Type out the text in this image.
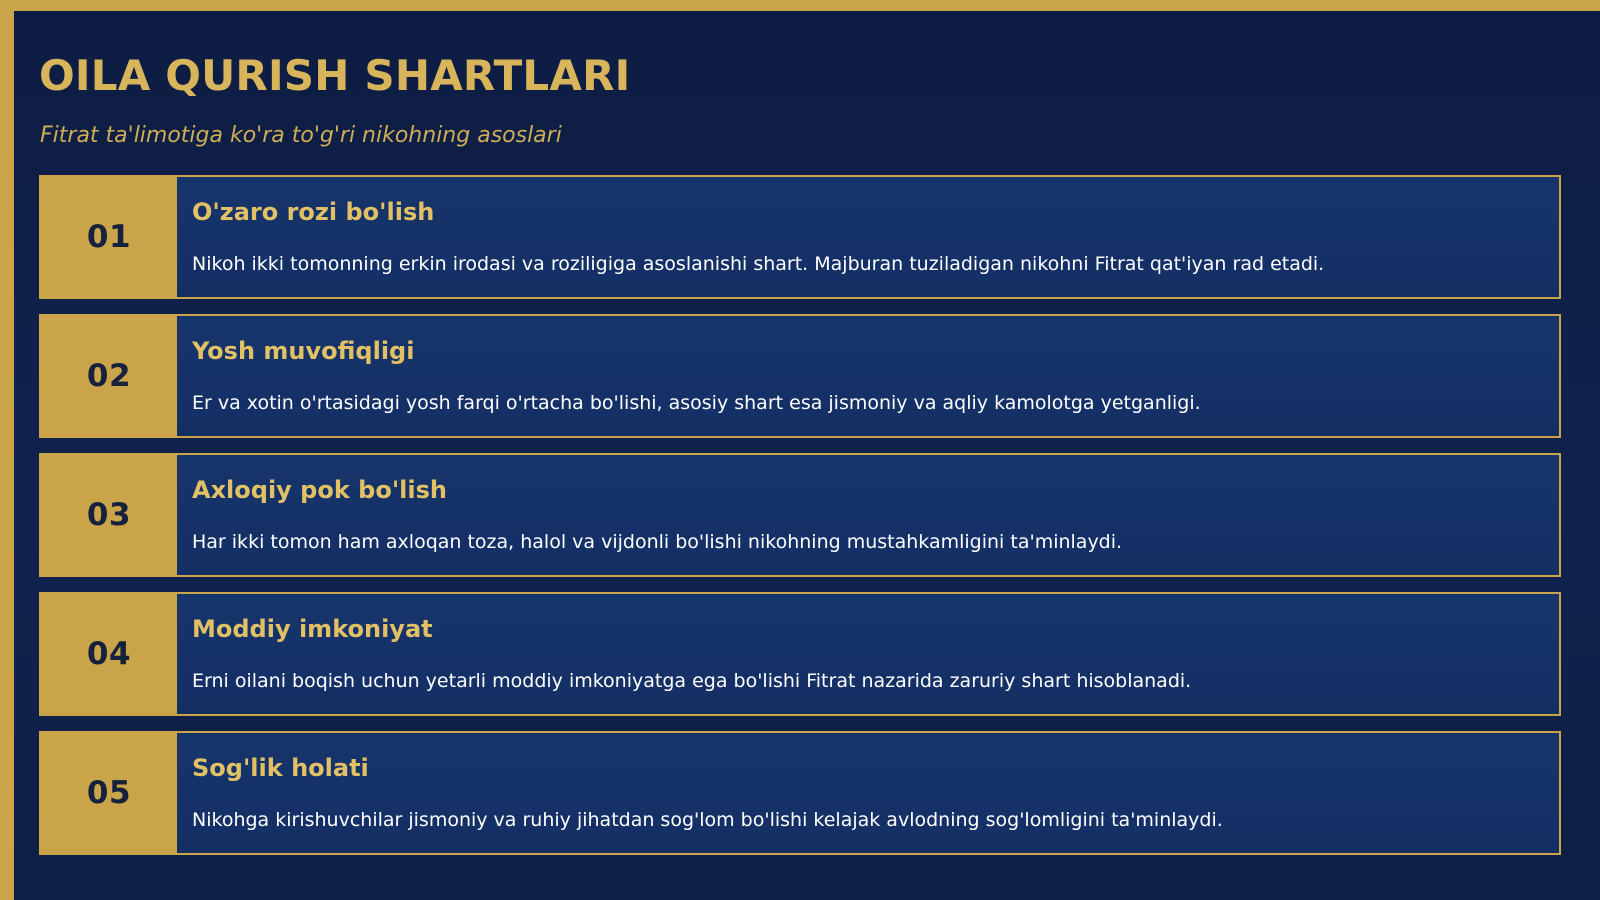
OILA QURISH SHARTLARI

Fitrat ta'limotiga ko'ra to'g'ri nikohning asoslari

01
O'zaro rozi bo'lish
Nikoh ikki tomonning erkin irodasi va roziligiga asoslanishi shart. Majburan tuziladigan nikohni Fitrat qat'iyan rad etadi.
02
Yosh muvofiqligi
Er va xotin o'rtasidagi yosh farqi o'rtacha bo'lishi, asosiy shart esa jismoniy va aqliy kamolotga yetganligi.
03
Axloqiy pok bo'lish
Har ikki tomon ham axloqan toza, halol va vijdonli bo'lishi nikohning mustahkamligini ta'minlaydi.
04
Moddiy imkoniyat
Erni oilani boqish uchun yetarli moddiy imkoniyatga ega bo'lishi Fitrat nazarida zaruriy shart hisoblanadi.
05
Sog'lik holati
Nikohga kirishuvchilar jismoniy va ruhiy jihatdan sog'lom bo'lishi kelajak avlodning sog'lomligini ta'minlaydi.
